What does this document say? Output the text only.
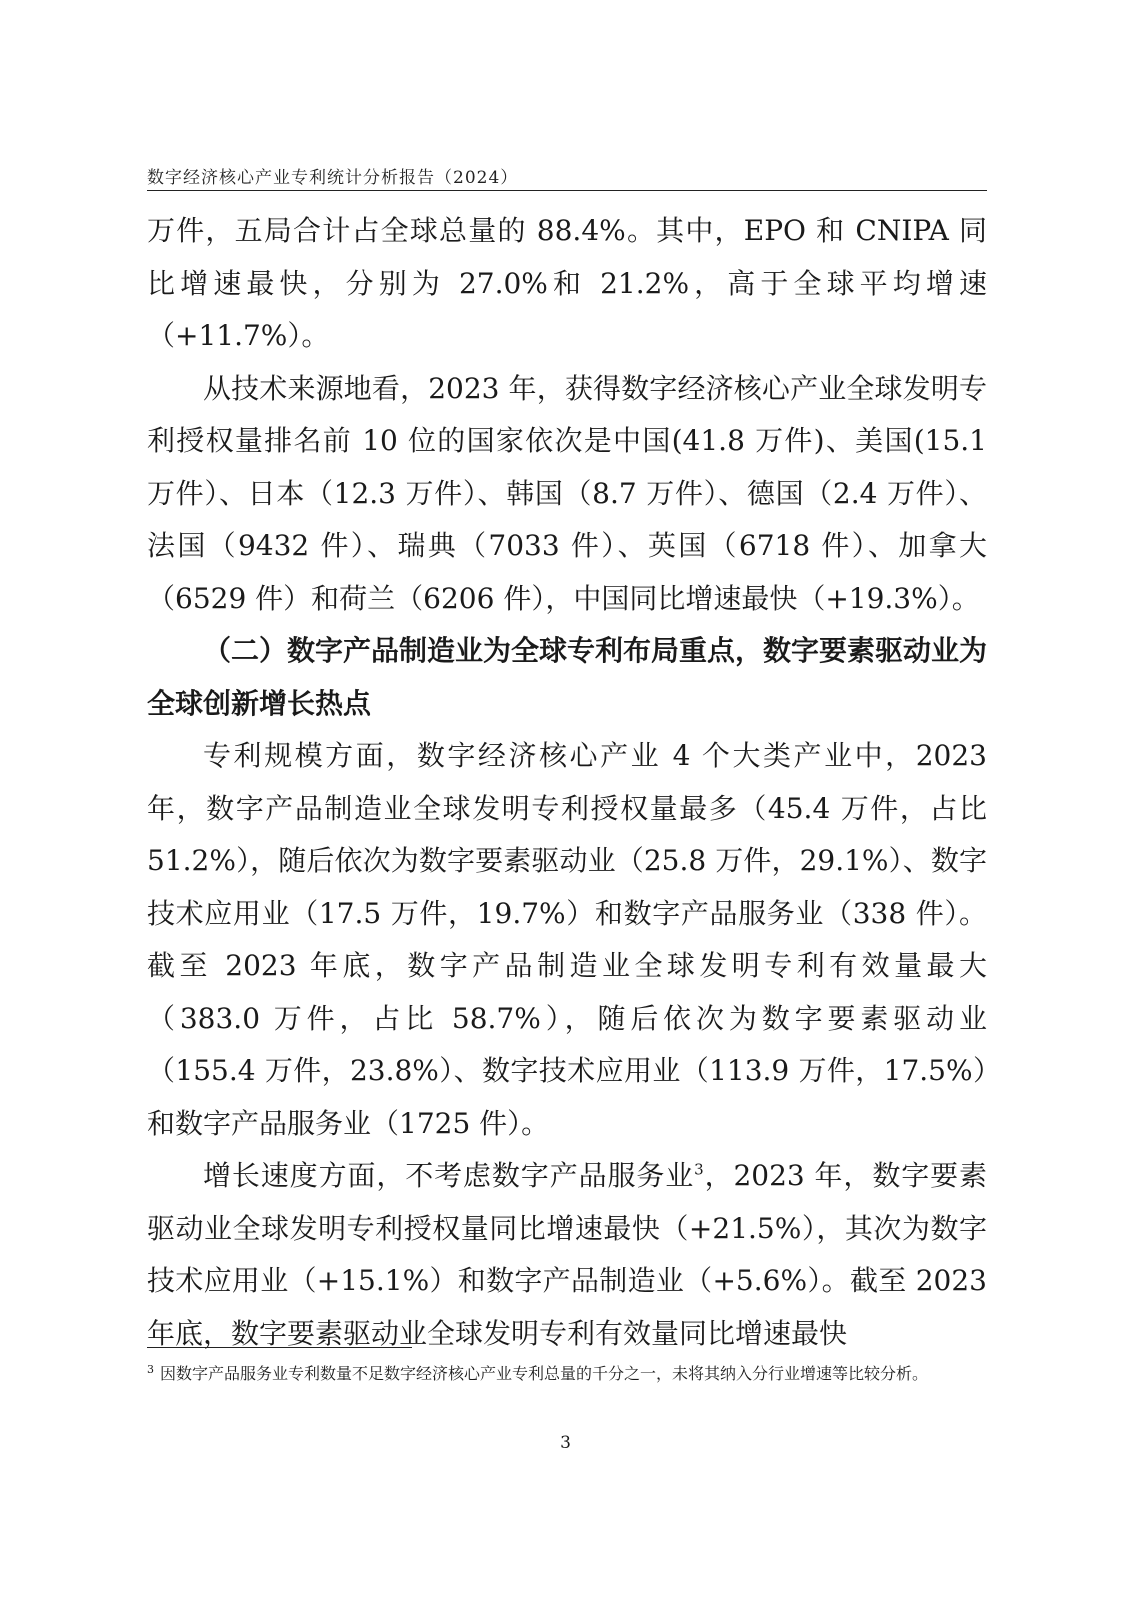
数字经济核心产业专利统计分析报告（2024）

万件，五局合计占全球总量的 88.4%。其中，EPO 和 CNIPA 同比增速最快，分别为 27.0%和 21.2%，高于全球平均增速（+11.7%）。

从技术来源地看，2023 年，获得数字经济核心产业全球发明专利授权量排名前 10 位的国家依次是中国(41.8 万件)、美国(15.1 万件）、日本（12.3 万件）、韩国（8.7 万件）、德国（2.4 万件）、法国（9432 件）、瑞典（7033 件）、英国（6718 件）、加拿大（6529 件）和荷兰（6206 件），中国同比增速最快（+19.3%）。

（二）数字产品制造业为全球专利布局重点，数字要素驱动业为全球创新增长热点

专利规模方面，数字经济核心产业 4 个大类产业中，2023 年，数字产品制造业全球发明专利授权量最多（45.4 万件，占比 51.2%），随后依次为数字要素驱动业（25.8 万件，29.1%）、数字技术应用业（17.5 万件，19.7%）和数字产品服务业（338 件）。截至 2023 年底，数字产品制造业全球发明专利有效量最大（383.0 万件，占比 58.7%），随后依次为数字要素驱动业（155.4 万件，23.8%）、数字技术应用业（113.9 万件，17.5%）和数字产品服务业（1725 件）。

增长速度方面，不考虑数字产品服务业$^3$，2023 年，数字要素驱动业全球发明专利授权量同比增速最快（+21.5%），其次为数字技术应用业（+15.1%）和数字产品制造业（+5.6%）。截至 2023 年底，数字要素驱动业全球发明专利有效量同比增速最快

$^3$ 因数字产品服务业专利数量不足数字经济核心产业专利总量的千分之一，未将其纳入分行业增速等比较分析。
3
